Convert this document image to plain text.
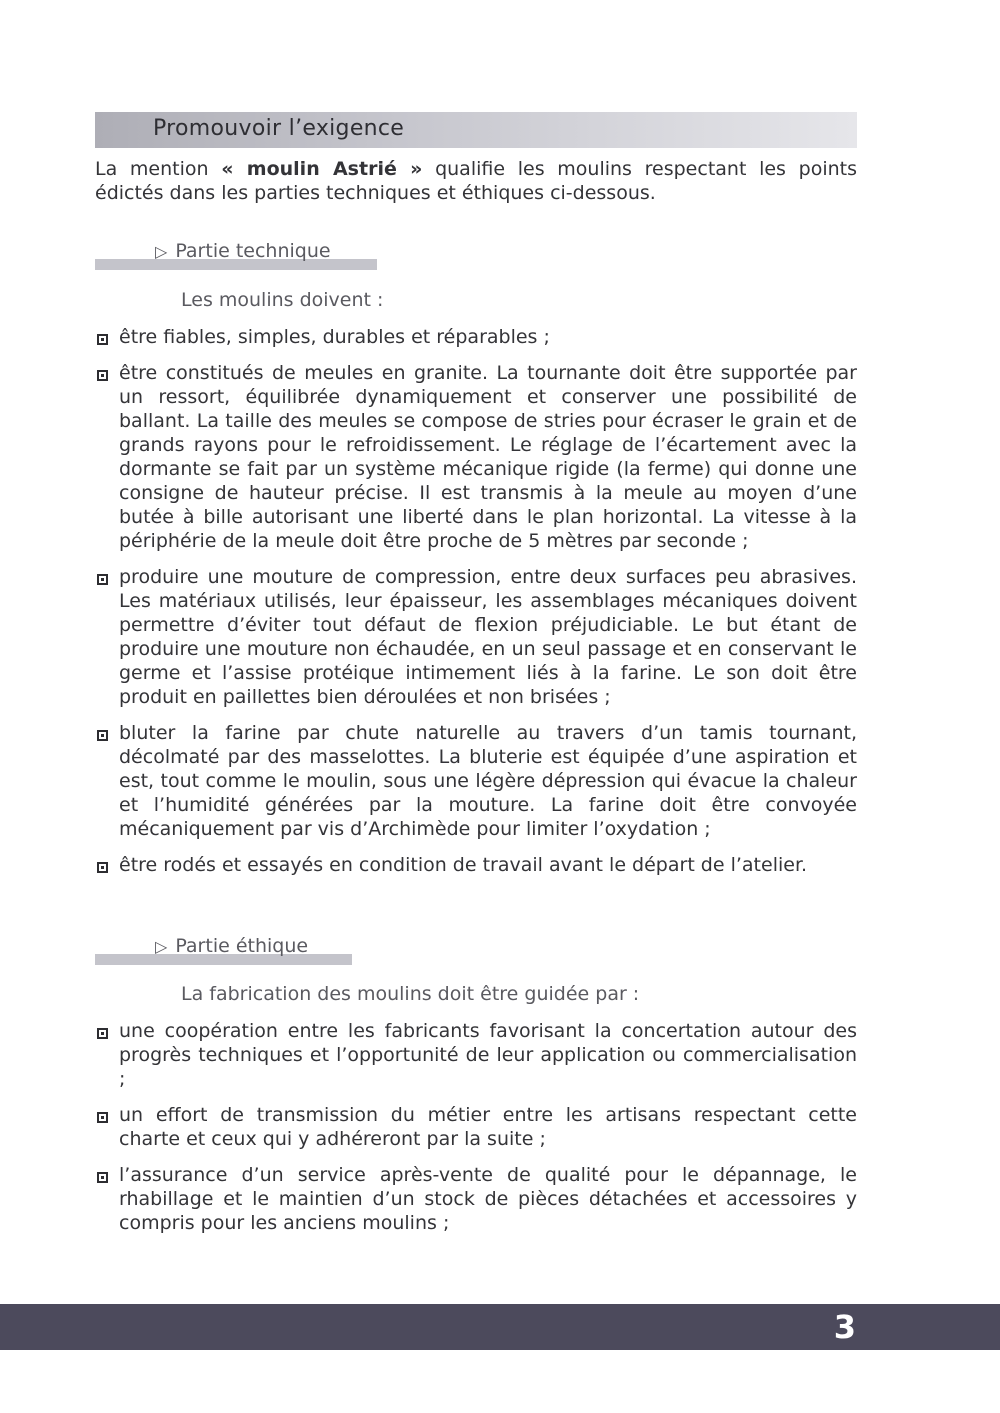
Promouvoir l’exigence

La mention « moulin Astrié » qualifie les moulins respectant les points édictés dans les parties techniques et éthiques ci-dessous.

▷ Partie technique
Les moulins doivent :
être fiables, simples, durables et réparables ;
être constitués de meules en granite. La tournante doit être supportée par un ressort, équilibrée dynamiquement et conserver une possibilité de ballant. La taille des meules se compose de stries pour écraser le grain et de grands rayons pour le refroidissement. Le réglage de l’écartement avec la dormante se fait par un système mécanique rigide (la ferme) qui donne une consigne de hauteur précise. Il est transmis à la meule au moyen d’une butée à bille autorisant une liberté dans le plan horizontal. La vitesse à la périphérie de la meule doit être proche de 5 mètres par seconde ;
produire une mouture de compression, entre deux surfaces peu abrasives. Les matériaux utilisés, leur épaisseur, les assemblages mécaniques doivent permettre d’éviter tout défaut de flexion préjudiciable. Le but étant de produire une mouture non échaudée, en un seul passage et en conservant le germe et l’assise protéique intimement liés à la farine. Le son doit être produit en paillettes bien déroulées et non brisées ;
bluter la farine par chute naturelle au travers d’un tamis tournant, décolmaté par des masselottes. La bluterie est équipée d’une aspiration et est, tout comme le moulin, sous une légère dépression qui évacue la chaleur et l’humidité générées par la mouture. La farine doit être convoyée mécaniquement par vis d’Archimède pour limiter l’oxydation ;
être rodés et essayés en condition de travail avant le départ de l’atelier.
▷ Partie éthique
La fabrication des moulins doit être guidée par :
une coopération entre les fabricants favorisant la concertation autour des progrès techniques et l’opportunité de leur application ou commercialisation ;
un effort de transmission du métier entre les artisans respectant cette charte et ceux qui y adhéreront par la suite ;
l’assurance d’un service après-vente de qualité pour le dépannage, le rhabillage et le maintien d’un stock de pièces détachées et accessoires y compris pour les anciens moulins ;
3
